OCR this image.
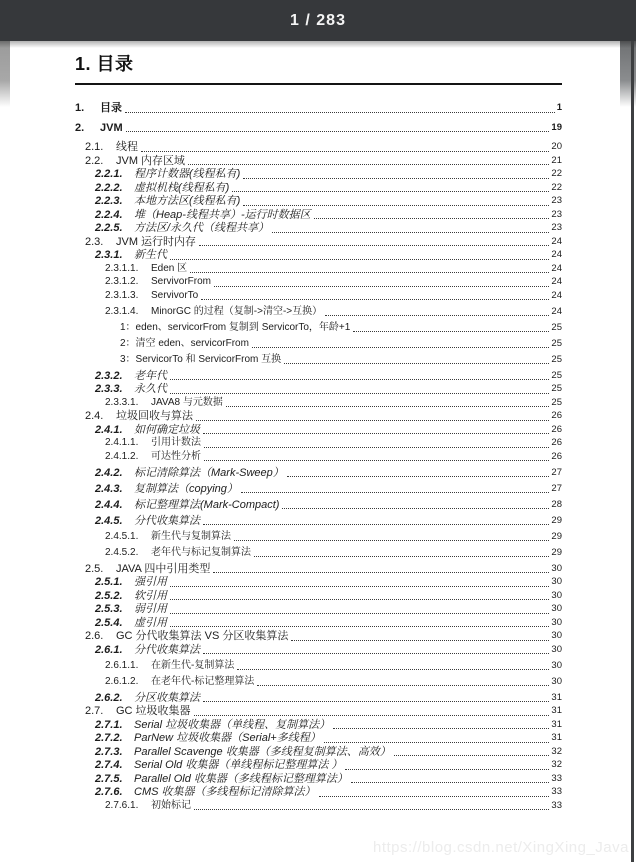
1 / 283
1. 目录
1.	目录	1
2.	JVM	19
2.1.	线程	20
2.2.	JVM 内存区域	21
2.2.1.	程序计数器(线程私有)	22
2.2.2.	虚拟机栈(线程私有)	22
2.2.3.	本地方法区(线程私有)	23
2.2.4.	堆（Heap-线程共享）-运行时数据区	23
2.2.5.	方法区/永久代（线程共享）	23
2.3.	JVM 运行时内存	24
2.3.1.	新生代	24
2.3.1.1.	Eden 区	24
2.3.1.2.	ServivorFrom	24
2.3.1.3.	ServivorTo	24
2.3.1.4.	MinorGC 的过程（复制->清空->互换）	24
1：eden、servicorFrom 复制到 ServicorTo，年龄+1	25
2：清空 eden、servicorFrom	25
3：ServicorTo 和 ServicorFrom 互换	25
2.3.2.	老年代	25
2.3.3.	永久代	25
2.3.3.1.	JAVA8 与元数据	25
2.4.	垃圾回收与算法	26
2.4.1.	如何确定垃圾	26
2.4.1.1.	引用计数法	26
2.4.1.2.	可达性分析	26
2.4.2.	标记清除算法（Mark-Sweep）	27
2.4.3.	复制算法（copying）	27
2.4.4.	标记整理算法(Mark-Compact)	28
2.4.5.	分代收集算法	29
2.4.5.1.	新生代与复制算法	29
2.4.5.2.	老年代与标记复制算法	29
2.5.	JAVA 四中引用类型	30
2.5.1.	强引用	30
2.5.2.	软引用	30
2.5.3.	弱引用	30
2.5.4.	虚引用	30
2.6.	GC 分代收集算法 VS 分区收集算法	30
2.6.1.	分代收集算法	30
2.6.1.1.	在新生代-复制算法	30
2.6.1.2.	在老年代-标记整理算法	30
2.6.2.	分区收集算法	31
2.7.	GC 垃圾收集器	31
2.7.1.	Serial 垃圾收集器（单线程、复制算法）	31
2.7.2.	ParNew 垃圾收集器（Serial+多线程）	31
2.7.3.	Parallel Scavenge 收集器（多线程复制算法、高效）	32
2.7.4.	Serial Old 收集器（单线程标记整理算法 ）	32
2.7.5.	Parallel Old 收集器（多线程标记整理算法）	33
2.7.6.	CMS 收集器（多线程标记清除算法）	33
2.7.6.1.	初始标记	33
https://blog.csdn.net/XingXing_Java
